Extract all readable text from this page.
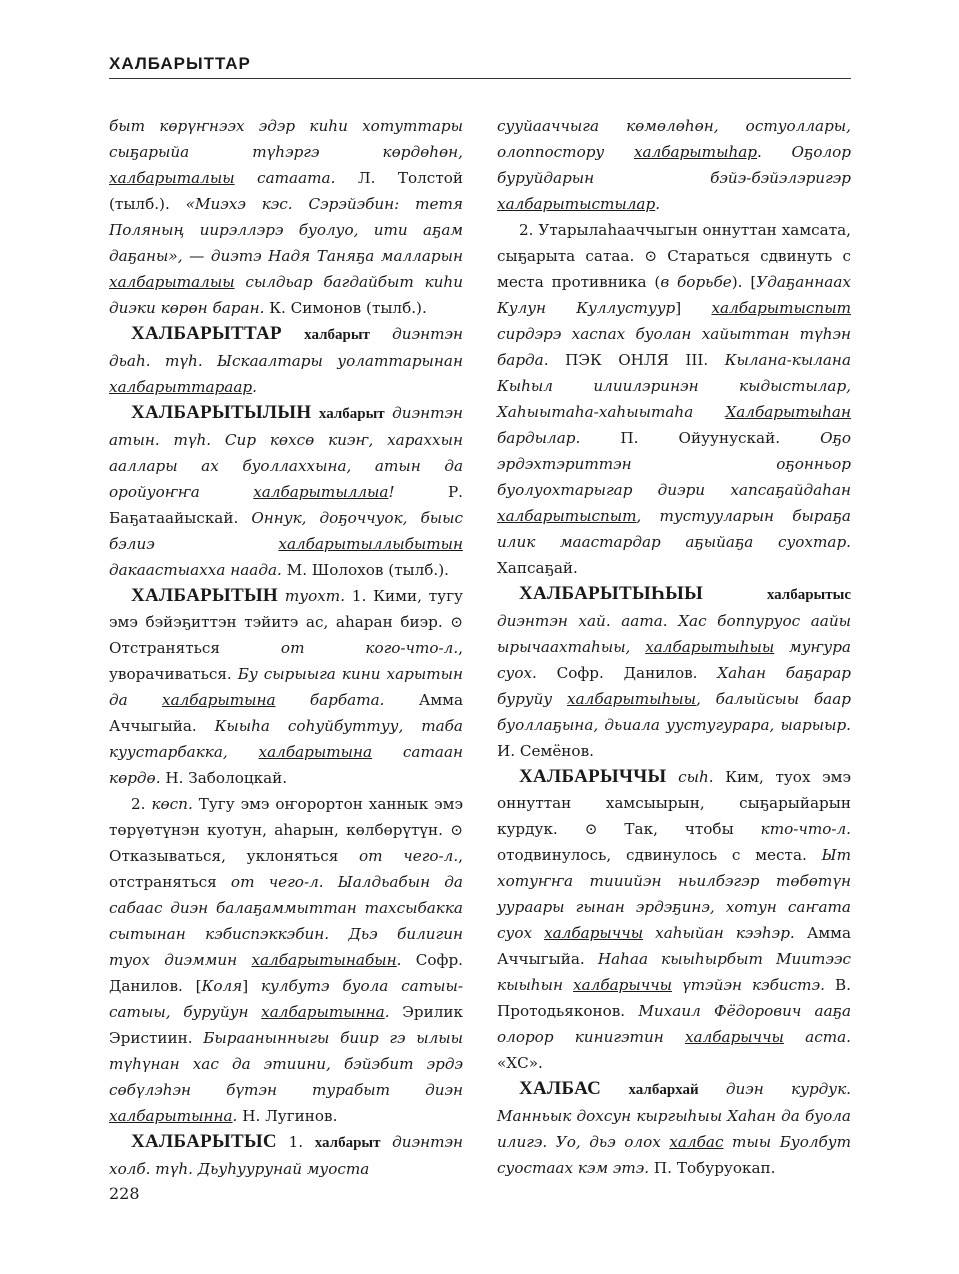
ХАЛБАРЫТТАР

быт көрүҥнээх эдэр киһи хотуттары сыҕарыйа түһэргэ көрдөһөн, халбарыталыы сатаата. Л. Толстой (тылб.). «Миэхэ кэс. Сэрэйэбин: тетя Поляның иирэллэрэ буолуо, ити аҕам даҕаны», — диэтэ Надя Таняҕа малларын халбарыталыы сылдьар багдайбыт киһи диэки көрөн баран. К. Симонов (тылб.).

ХАЛБАРЫТТАР халбарыт диэнтэн дьаһ. түһ. Ыскаалтары уолаттарынан халбарыттараар.

ХАЛБАРЫТЫЛЫН халбарыт диэнтэн атын. түһ. Сир көхсө киэҥ, хараххын ааллары ах буоллаххына, атын да оройуоҥҥа халбарытыллыа! Р. Баҕатаайыскай. Оннук, доҕоччуок, быыс бэлиэ халбарытыллыбытын дакаастыахха наада. М. Шолохов (тылб.).

ХАЛБАРЫТЫН туохт. 1. Кими, тугу эмэ бэйэҕиттэн тэйитэ ас, аһаран биэр. ⊙ Отстраняться от кого-что-л., уворачиваться. Бу сырыыга кини харытын да халбарытына барбата. Амма Аччыгыйа. Кыыһа соһуйбуттуу, таба куустарбакка, халбарытына сатаан көрдө. Н. Заболоцкай.

2. көсп. Тугу эмэ оҥорортон ханнык эмэ төрүөтүнэн куотун, аһарын, көлбөрүтүн. ⊙ Отказываться, уклоняться от чего-л., отстраняться от чего-л. Ыалдьабын да сабаас диэн балаҕаммыттан тахсыбакка сытынан кэбиспэккэбин. Дьэ билигин туох диэммин халбарытынабын. Софр. Данилов. [Коля] кулбутэ буола сатыы-сатыы, буруйун халбарытынна. Эрилик Эристиин. Быраанынныгы биир гэ ылыы түһүнан хас да этиини, бэйэбит эрдэ сөбүлэһэн бүтэн турабыт диэн халбарытынна. Н. Лугинов.

ХАЛБАРЫТЫС 1. халбарыт диэнтэн холб. түһ. Дьуһуурунай муоста

сууйааччыга көмөлөһөн, остуоллары, олоппостору халбарытыһар. Оҕолор буруйдарын бэйэ-бэйэлэригэр халбарытыстылар.

2. Утарылаһааччыгын оннуттан хамсата, сыҕарыта сатаа. ⊙ Стараться сдвинуть с места противника (в борьбе). [Удаҕаннаах Кулун Куллустуур] халбарытыспыт сирдэрэ хаспах буолан хайыттан түһэн барда. ПЭК ОНЛЯ III. Кылана-кылана Кыһыл илиилэринэн кыдыстылар, Хаһыытаһа-хаһыытаһа Халбарытыһан бардылар. П. Ойуунускай. Оҕо эрдэхтэриттэн оҕонньор буолуохтарыгар диэри хапсаҕайдаһан халбарытыспыт, тустууларын быраҕа илик маастардар аҕыйаҕа суохтар. Хапсаҕай.

ХАЛБАРЫТЫҺЫЫ	халбарытыс диэнтэн хай. аата. Хас боппуруос аайы ырычаахтаһыы, халбарытыһыы муҥура суох. Софр. Данилов. Хаһан баҕарар буруйу халбарытыһыы, балыйсыы баар буоллаҕына, дьиала уустугурара, ыарыыр. И. Семёнов.

ХАЛБАРЫЧЧЫ сыһ. Ким, туох эмэ оннуттан хамсыырын, сыҕарыйарын курдук. ⊙ Так, чтобы кто-что-л. отодвинулось, сдвинулось с места. Ыт хотуҥҥа тииийэн ньилбэгэр төбөтүн уураары гынан эрдэҕинэ, хотун саҥата суох халбарыччы хаһыйан кээһэр. Амма Аччыгыйа. Наһаа кыыһырбыт Миитээс кыыһын халбарыччы үтэйэн кэбистэ. В. Протодьяконов. Михаил Фёдорович ааҕа олорор кинигэтин халбарыччы аста. «ХС».

ХАЛБАС халбархай диэн курдук. Манньык дохсун кыргыһыы Хаһан да буола илигэ. Уо, дьэ олох халбас тыы Буолбут суостаах кэм этэ. П. Тобуруокап.

228
